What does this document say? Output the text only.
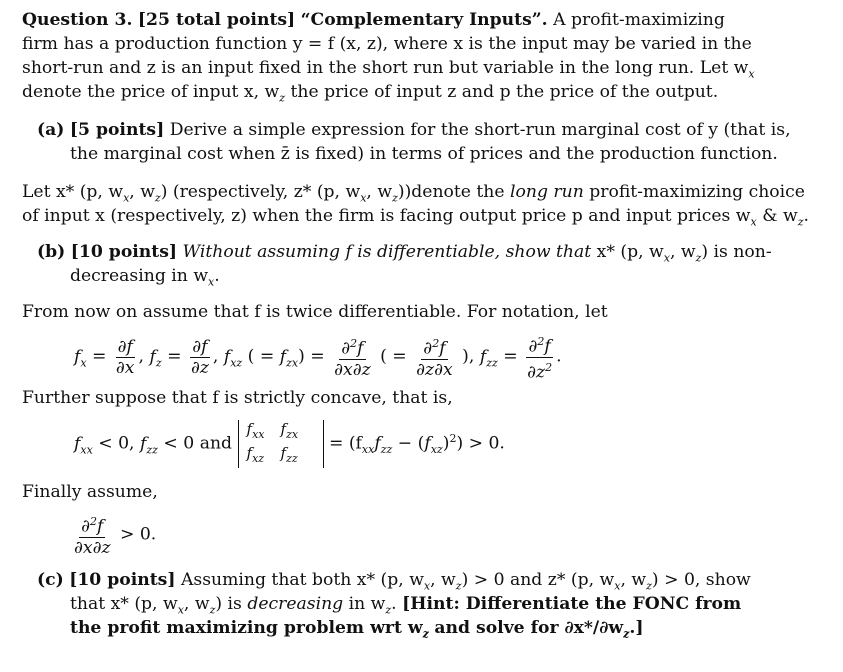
Question 3. [25 total points] “Complementary Inputs”. A profit-maximizing
firm has a production function y = f (x, z), where x is the input may be varied in the
short-run and z is an input fixed in the short run but variable in the long run. Let $w_x$
denote the price of input x, $w_z$ the price of input z and p the price of the output.
(a) [5 points] Derive a simple expression for the short-run marginal cost of y (that is,
the marginal cost when z̄ is fixed) in terms of prices and the production function.
Let x* (p, $w_x$, $w_z$) (respectively, z* (p, $w_x$, $w_z))denote$ the long run profit-maximizing choice
of input x (respectively, z) when the firm is facing output price p and input prices $w_x$ & $w_z$.
(b) [10 points] Without assuming f is differentiable, show that x* (p, $w_x$, $w_z$) is non-
decreasing in $w_x$.
From now on assume that f is twice differentiable. For notation, let
$f_x = \frac{\partial f}{\partial x}$ , $f_z = \frac{\partial f}{\partial z}$ , $f_{xz}$ ( = $f_{zx}) = \frac{\partial^2f}{\partial x\partial z}$ ( = $\frac{\partial^2f}{\partial z\partial x}$ ), $f_{zz} = \frac{\partial^2f}{\partial z^2}$ .
Further suppose that f is strictly concave, that is,
$f_{xx} < 0$, $f_{zz} < 0$ and
$f_{xx}$ $f_{zx}$
$f_{xz}$ $f_{zz}$
= $(f_{xx}f_{zz} - (f_{xz})^2) > 0$.
Finally assume,
$\frac{\partial^2f}{\partial x\partial z} > 0$.
(c) [10 points] Assuming that both x* (p, $w_x$, $w_z) > 0$ and z* (p, $w_x$, $w_z) > 0$, show
that x* (p, $w_x$, $w_z$) is decreasing in $w_z$. [Hint: Differentiate the FONC from
the profit maximizing problem wrt $w_z$ and solve for $\partial x*/\partial w_z$.]
